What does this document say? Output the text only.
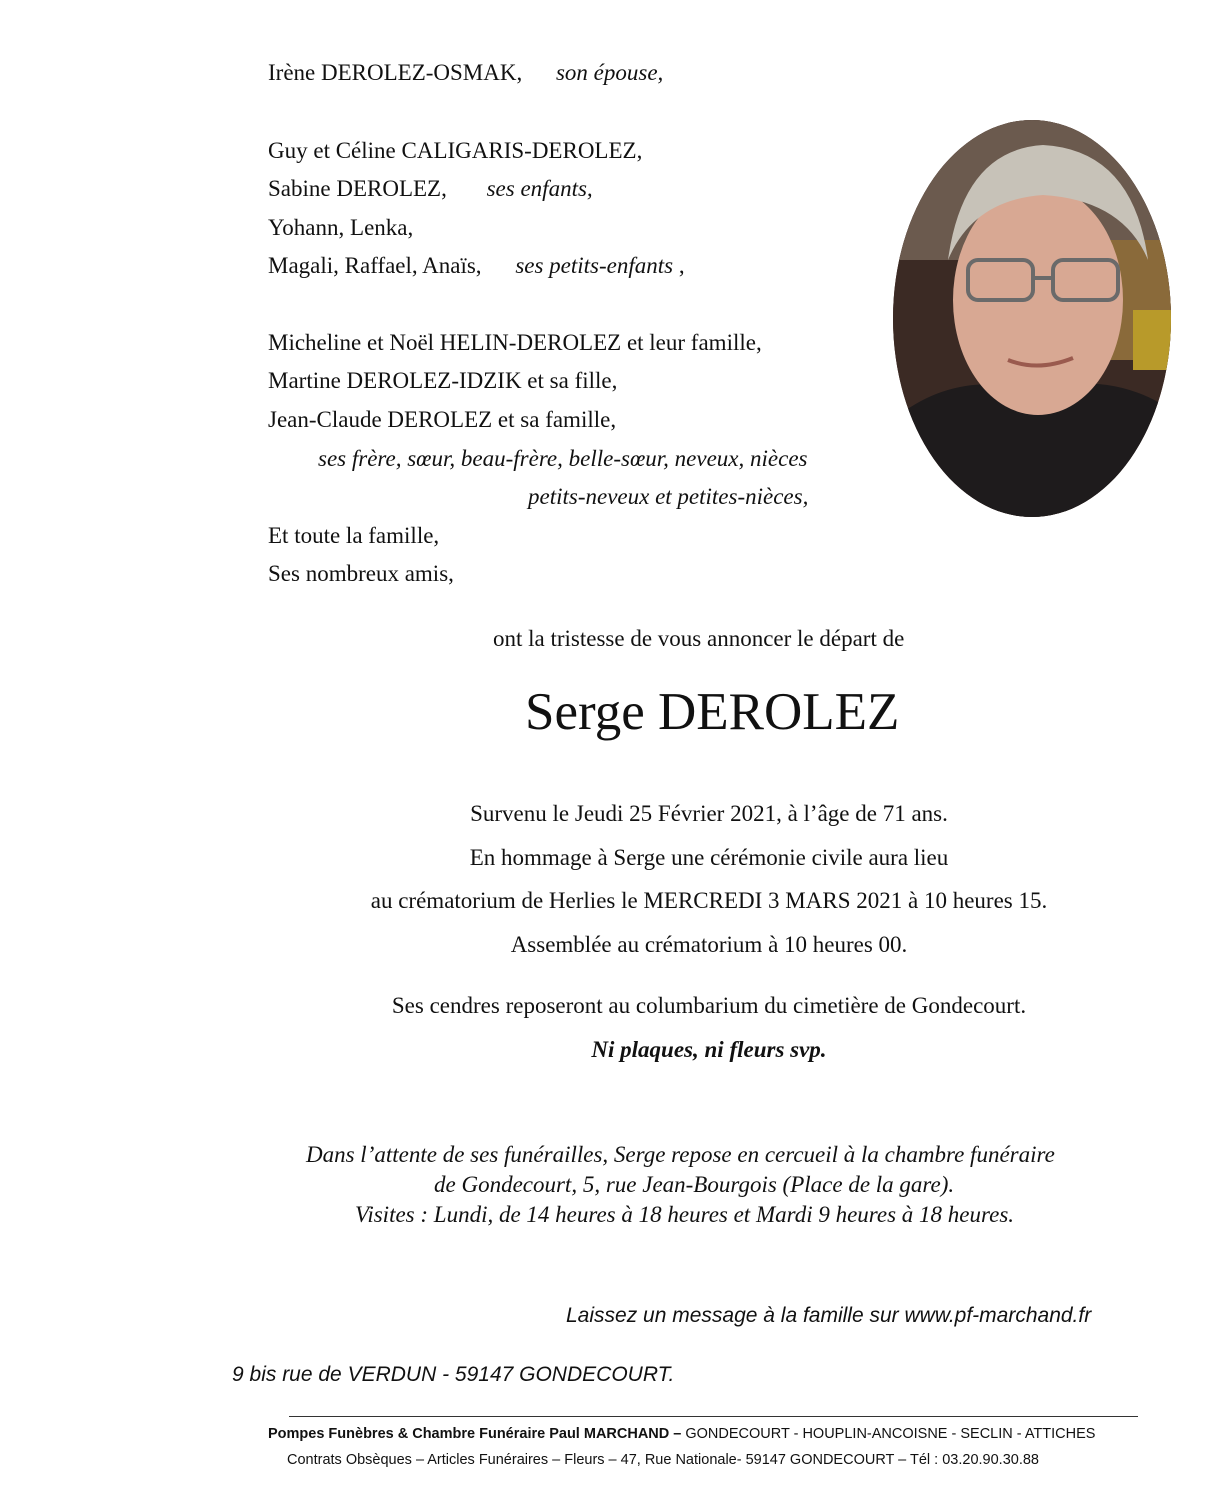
Irène DEROLEZ-OSMAK, son épouse,
Guy et Céline CALIGARIS-DEROLEZ,
Sabine DEROLEZ, ses enfants,
Yohann, Lenka,
Magali, Raffael, Anaïs, ses petits-enfants ,
Micheline et Noël HELIN-DEROLEZ et leur famille,
Martine DEROLEZ-IDZIK et sa fille,
Jean-Claude DEROLEZ et sa famille,
ses frère, sœur, beau-frère, belle-sœur, neveux, nièces
petits-neveux et petites-nièces,
Et toute la famille,
Ses nombreux amis,
ont la tristesse de vous annoncer le départ de
Serge DEROLEZ
Survenu le Jeudi 25 Février 2021, à l’âge de 71 ans.
En hommage à Serge une cérémonie civile aura lieu
au crématorium de Herlies le MERCREDI 3 MARS 2021 à 10 heures 15.
Assemblée au crématorium à 10 heures 00.
Ses cendres reposeront au columbarium du cimetière de Gondecourt.
Ni plaques, ni fleurs svp.
Dans l’attente de ses funérailles, Serge repose en cercueil à la chambre funéraire
de Gondecourt, 5, rue Jean-Bourgois (Place de la gare).
Visites : Lundi, de 14 heures à 18 heures et Mardi 9 heures à 18 heures.
Laissez un message à la famille sur www.pf-marchand.fr
9 bis rue de VERDUN - 59147 GONDECOURT.
Pompes Funèbres & Chambre Funéraire Paul MARCHAND – GONDECOURT - HOUPLIN-ANCOISNE - SECLIN - ATTICHES
Contrats Obsèques – Articles Funéraires – Fleurs – 47, Rue Nationale- 59147 GONDECOURT – Tél : 03.20.90.30.88
